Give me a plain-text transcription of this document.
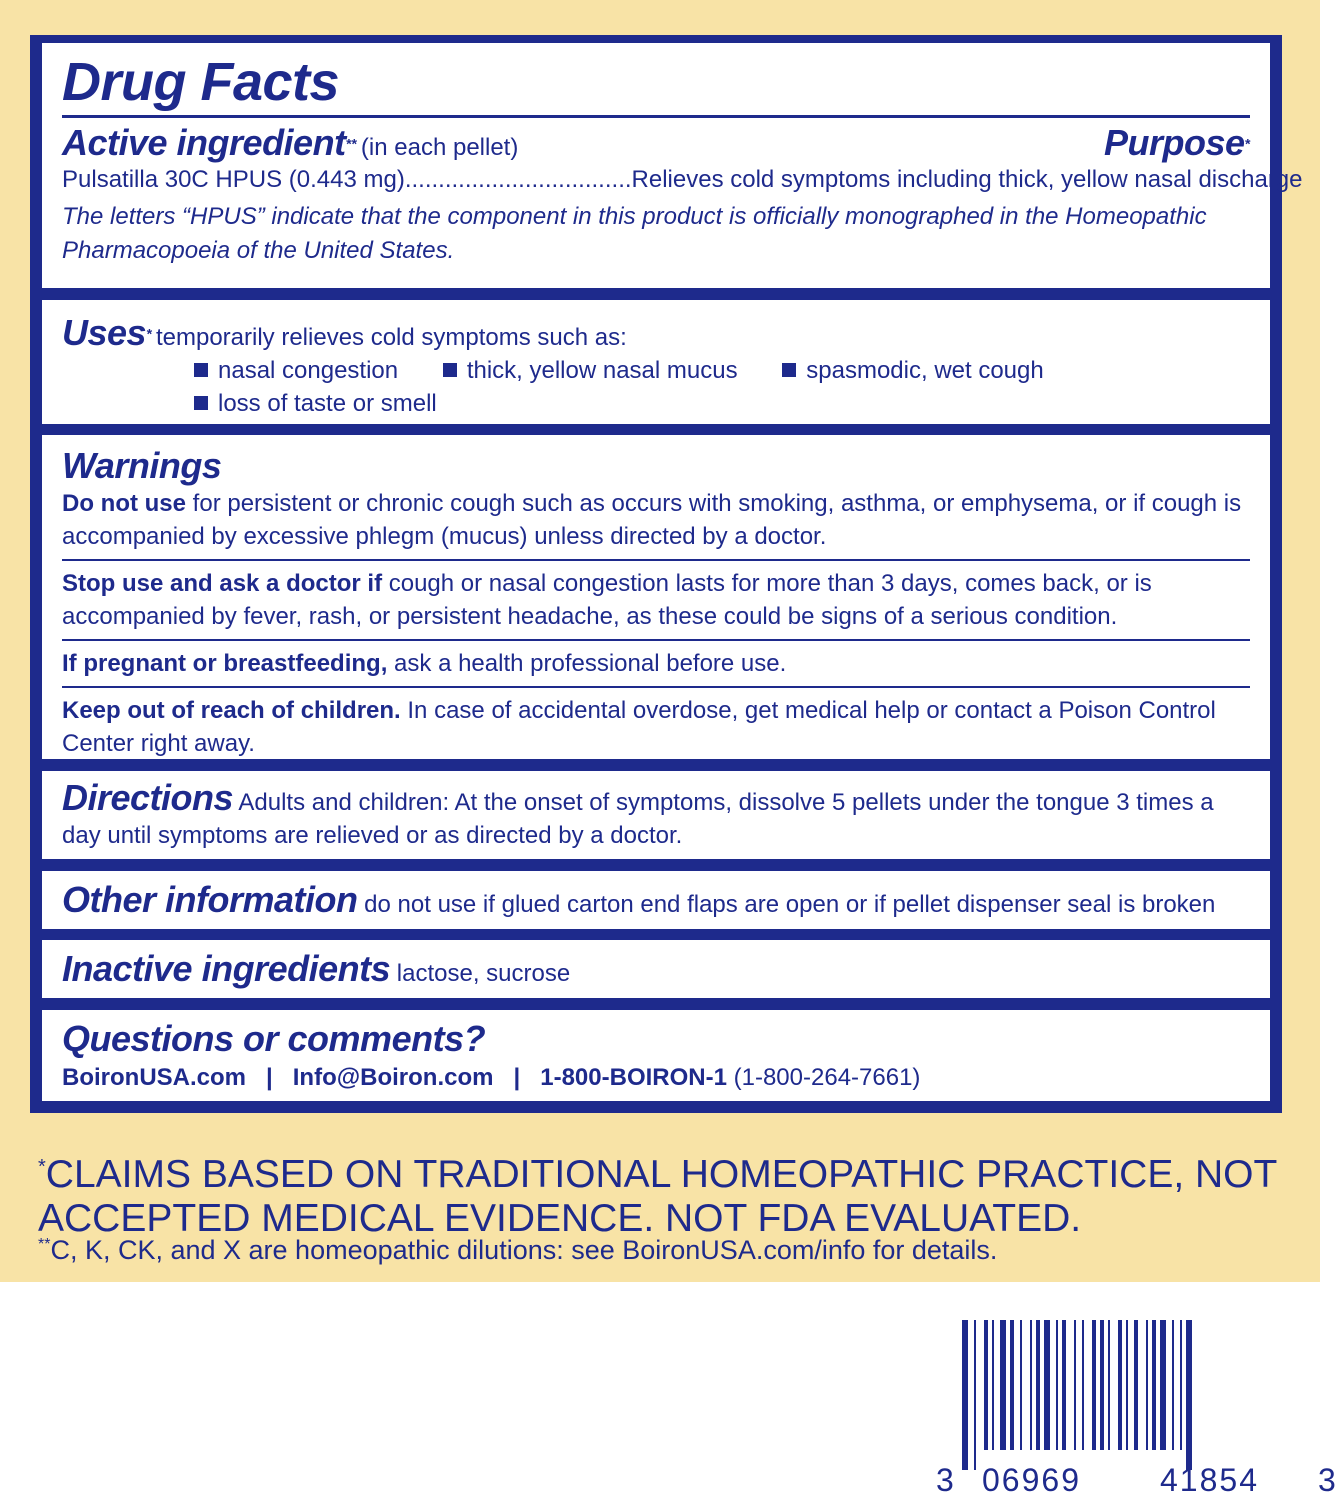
Drug Facts
Active ingredient** (in each pellet)	Purpose*
Pulsatilla 30C HPUS (0.443 mg).................................. Relieves cold symptoms including thick, yellow nasal discharge
The letters “HPUS” indicate that the component in this product is officially monographed in the Homeopathic Pharmacopoeia of the United States.
Uses* temporarily relieves cold symptoms such as:
nasal congestion	thick, yellow nasal mucus	spasmodic, wet cough
loss of taste or smell
Warnings
Do not use for persistent or chronic cough such as occurs with smoking, asthma, or emphysema, or if cough is accompanied by excessive phlegm (mucus) unless directed by a doctor.
Stop use and ask a doctor if cough or nasal congestion lasts for more than 3 days, comes back, or is accompanied by fever, rash, or persistent headache, as these could be signs of a serious condition.
If pregnant or breastfeeding, ask a health professional before use.
Keep out of reach of children. In case of accidental overdose, get medical help or contact a Poison Control Center right away.
Directions Adults and children: At the onset of symptoms, dissolve 5 pellets under the tongue 3 times a day until symptoms are relieved or as directed by a doctor.
Other information do not use if glued carton end flaps are open or if pellet dispenser seal is broken
Inactive ingredients lactose, sucrose
Questions or comments?
BoironUSA.com | Info@Boiron.com | 1-800-BOIRON-1 (1-800-264-7661)
*CLAIMS BASED ON TRADITIONAL HOMEOPATHIC PRACTICE, NOT ACCEPTED MEDICAL EVIDENCE. NOT FDA EVALUATED.
**C, K, CK, and X are homeopathic dilutions: see BoironUSA.com/info for details.
3 06969 41854 3
